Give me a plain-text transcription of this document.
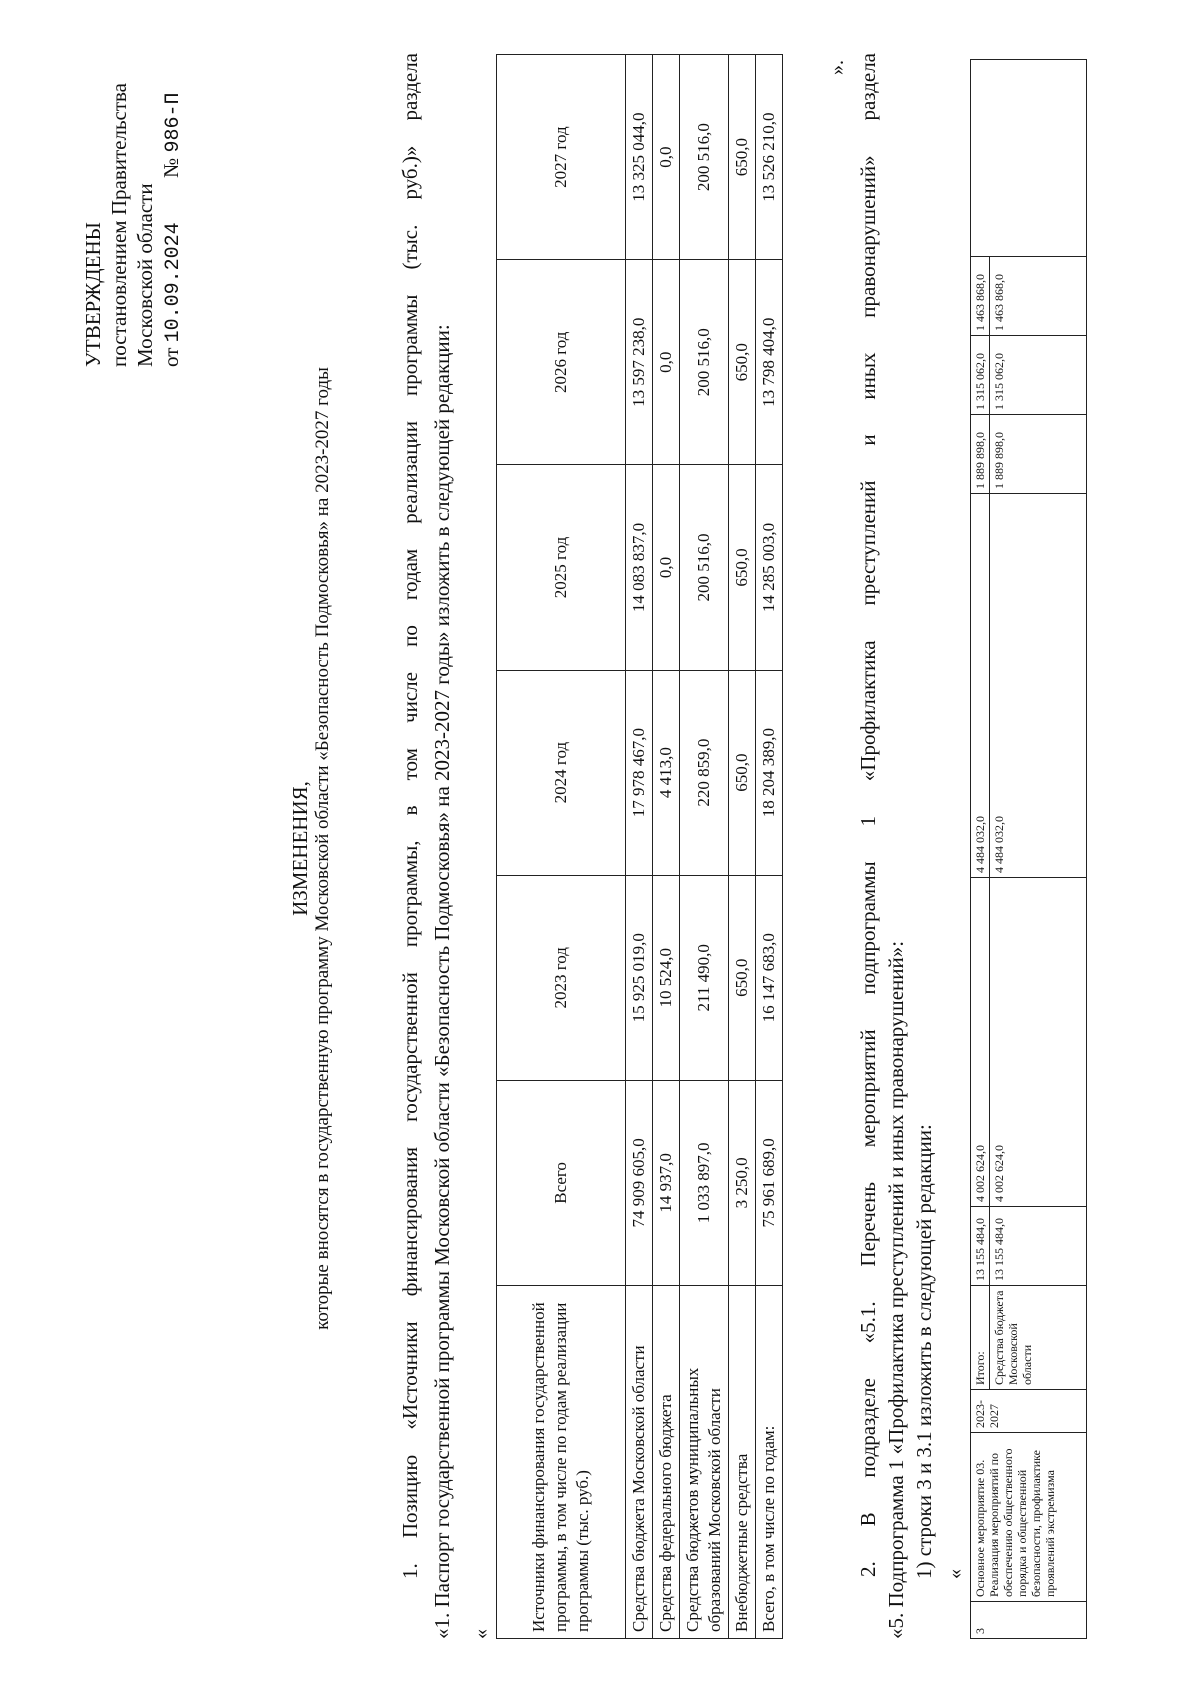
УТВЕРЖДЕНЫ постановлением Правительства Московской области от 10.09.2024  № 986-П
ИЗМЕНЕНИЯ, которые вносятся в государственную программу Московской области «Безопасность Подмосковья» на 2023-2027 годы	1. Позицию «Источники финансирования государственной программы, в том числе по годам реализации программы (тыс. руб.)» раздела «1. Паспорт государственной программы Московской области «Безопасность Подмосковья» на 2023-2027 годы» изложить в следующей редакции: «
Источники финансирования государственной программы, в том числе по годам реализации программы (тыс. руб.)	Всего	2023 год	2024 год	2025 год	2026 год	2027 год
Средства бюджета Московской области	74 909 605,0	15 925 019,0	17 978 467,0	14 083 837,0	13 597 238,0	13 325 044,0
Средства федерального бюджета	14 937,0	10 524,0	4 413,0	0,0	0,0	0,0
Средства бюджетов муниципальных образований Московской области	1 033 897,0	211 490,0	220 859,0	200 516,0	200 516,0	200 516,0
Внебюджетные средства	3 250,0	650,0	650,0	650,0	650,0	650,0
Всего, в том числе по годам:	75 961 689,0	16 147 683,0	18 204 389,0	14 285 003,0	13 798 404,0	13 526 210,0
». 2. В подразделе «5.1. Перечень мероприятий подпрограммы 1 «Профилактика преступлений и иных правонарушений» раздела «5. Подпрограмма 1 «Профилактика преступлений и иных правонарушений»: 1) строки 3 и 3.1 изложить в следующей редакции: «
3	Основное мероприятие 03. Реализация мероприятий по обеспечению общественного порядка и общественной безопасности, профилактике проявлений экстремизма	2023-2027	Итого:	13 155 484,0	4 002 624,0	4 484 032,0	1 889 898,0	1 315 062,0	1 463 868,0	
			Средства бюджета Московской области	13 155 484,0	4 002 624,0	4 484 032,0	1 889 898,0	1 315 062,0	1 463 868,0	
